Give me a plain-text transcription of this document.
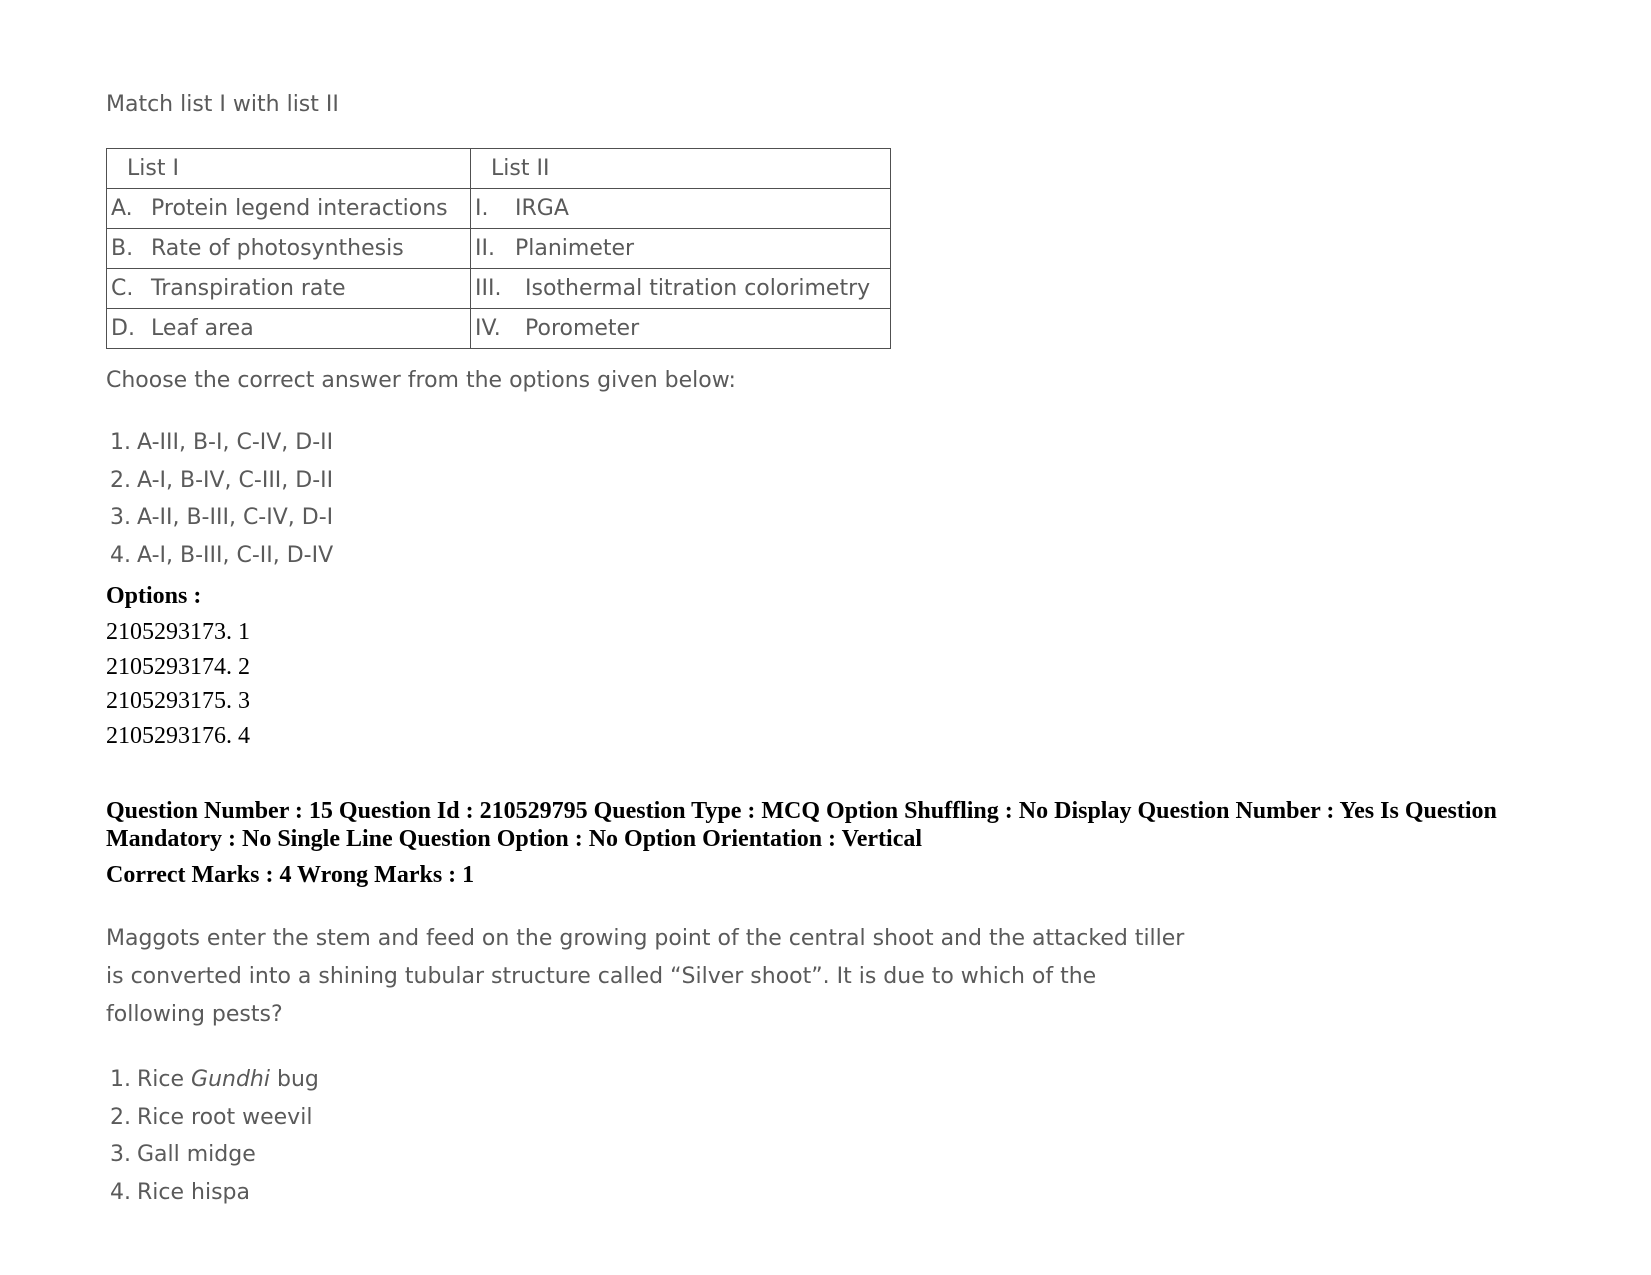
Match list I with list II

List I	List II
A. Protein legend interactions	I. IRGA
B. Rate of photosynthesis	II. Planimeter
C. Transpiration rate	III. Isothermal titration colorimetry
D. Leaf area	IV. Porometer
Choose the correct answer from the options given below:
1. A-III, B-I, C-IV, D-II
2. A-I, B-IV, C-III, D-II
3. A-II, B-III, C-IV, D-I
4. A-I, B-III, C-II, D-IV
Options :
2105293173. 1
2105293174. 2
2105293175. 3
2105293176. 4

Question Number : 15 Question Id : 210529795 Question Type : MCQ Option Shuffling : No Display Question Number : Yes Is Question Mandatory : No Single Line Question Option : No Option Orientation : Vertical

Correct Marks : 4 Wrong Marks : 1

Maggots enter the stem and feed on the growing point of the central shoot and the attacked tiller is converted into a shining tubular structure called “Silver shoot”. It is due to which of the following pests?

1. Rice Gundhi bug
2. Rice root weevil
3. Gall midge
4. Rice hispa
